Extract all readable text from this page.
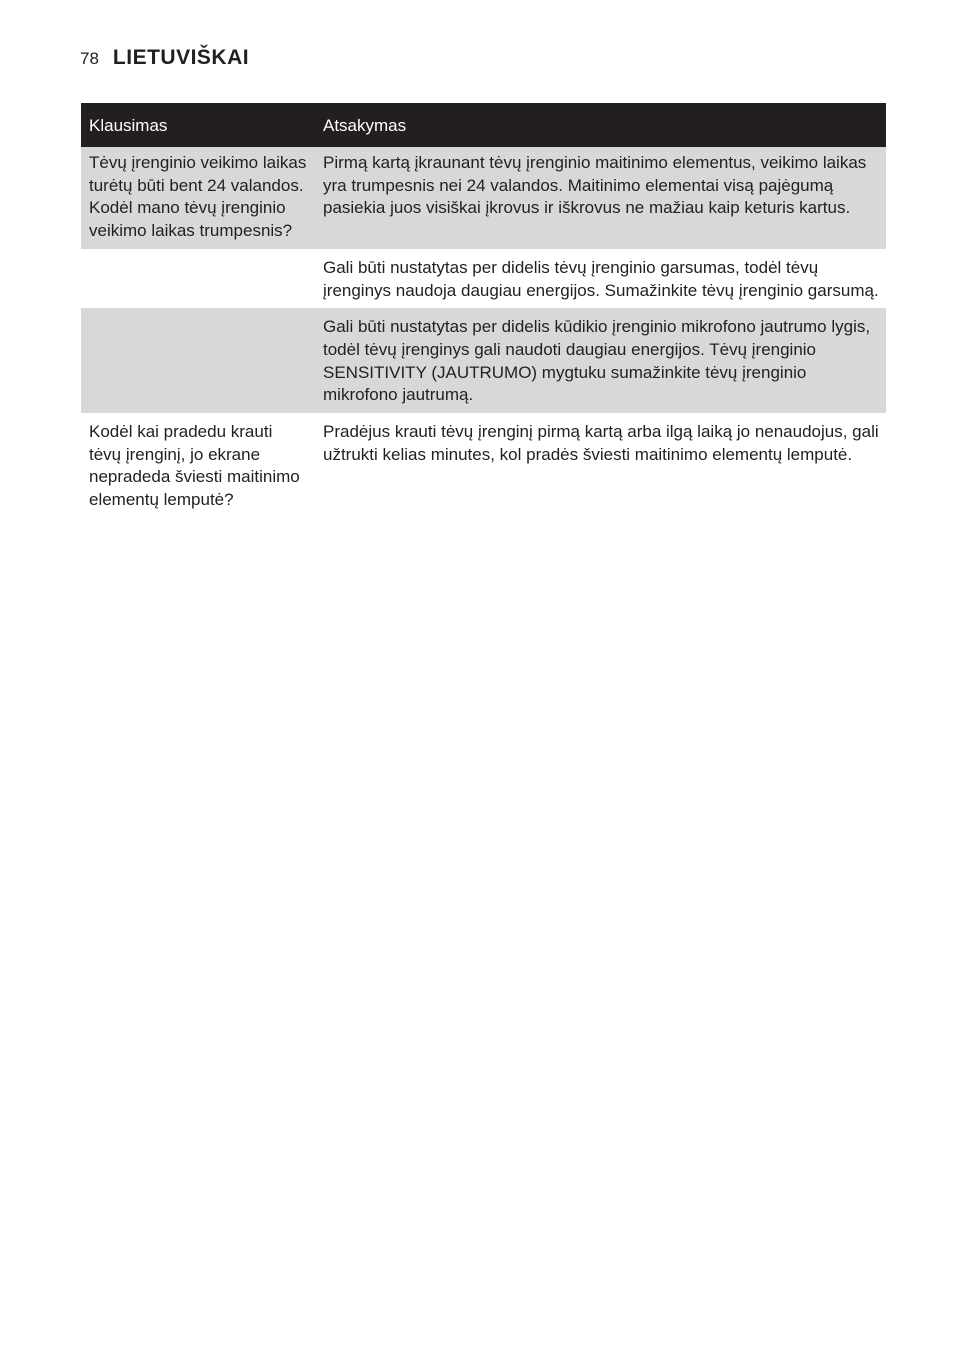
78 LIETUVIŠKAI
Klausimas	Atsakymas
Tėvų įrenginio veikimo laikas turėtų būti bent 24 valandos. Kodėl mano tėvų įrenginio veikimo laikas trumpesnis?	Pirmą kartą įkraunant tėvų įrenginio maitinimo elementus, veikimo laikas yra trumpesnis nei 24 valandos. Maitinimo elementai visą pajėgumą pasiekia juos visiškai įkrovus ir iškrovus ne mažiau kaip keturis kartus.
	Gali būti nustatytas per didelis tėvų įrenginio garsumas, todėl tėvų įrenginys naudoja daugiau energijos. Sumažinkite tėvų įrenginio garsumą.
	Gali būti nustatytas per didelis kūdikio įrenginio mikrofono jautrumo lygis, todėl tėvų įrenginys gali naudoti daugiau energijos. Tėvų įrenginio SENSITIVITY (JAUTRUMO) mygtuku sumažinkite tėvų įrenginio mikrofono jautrumą.
Kodėl kai pradedu krauti tėvų įrenginį, jo ekrane nepradeda šviesti maitinimo elementų lemputė?	Pradėjus krauti tėvų įrenginį pirmą kartą arba ilgą laiką jo nenaudojus, gali užtrukti kelias minutes, kol pradės šviesti maitinimo elementų lemputė.
